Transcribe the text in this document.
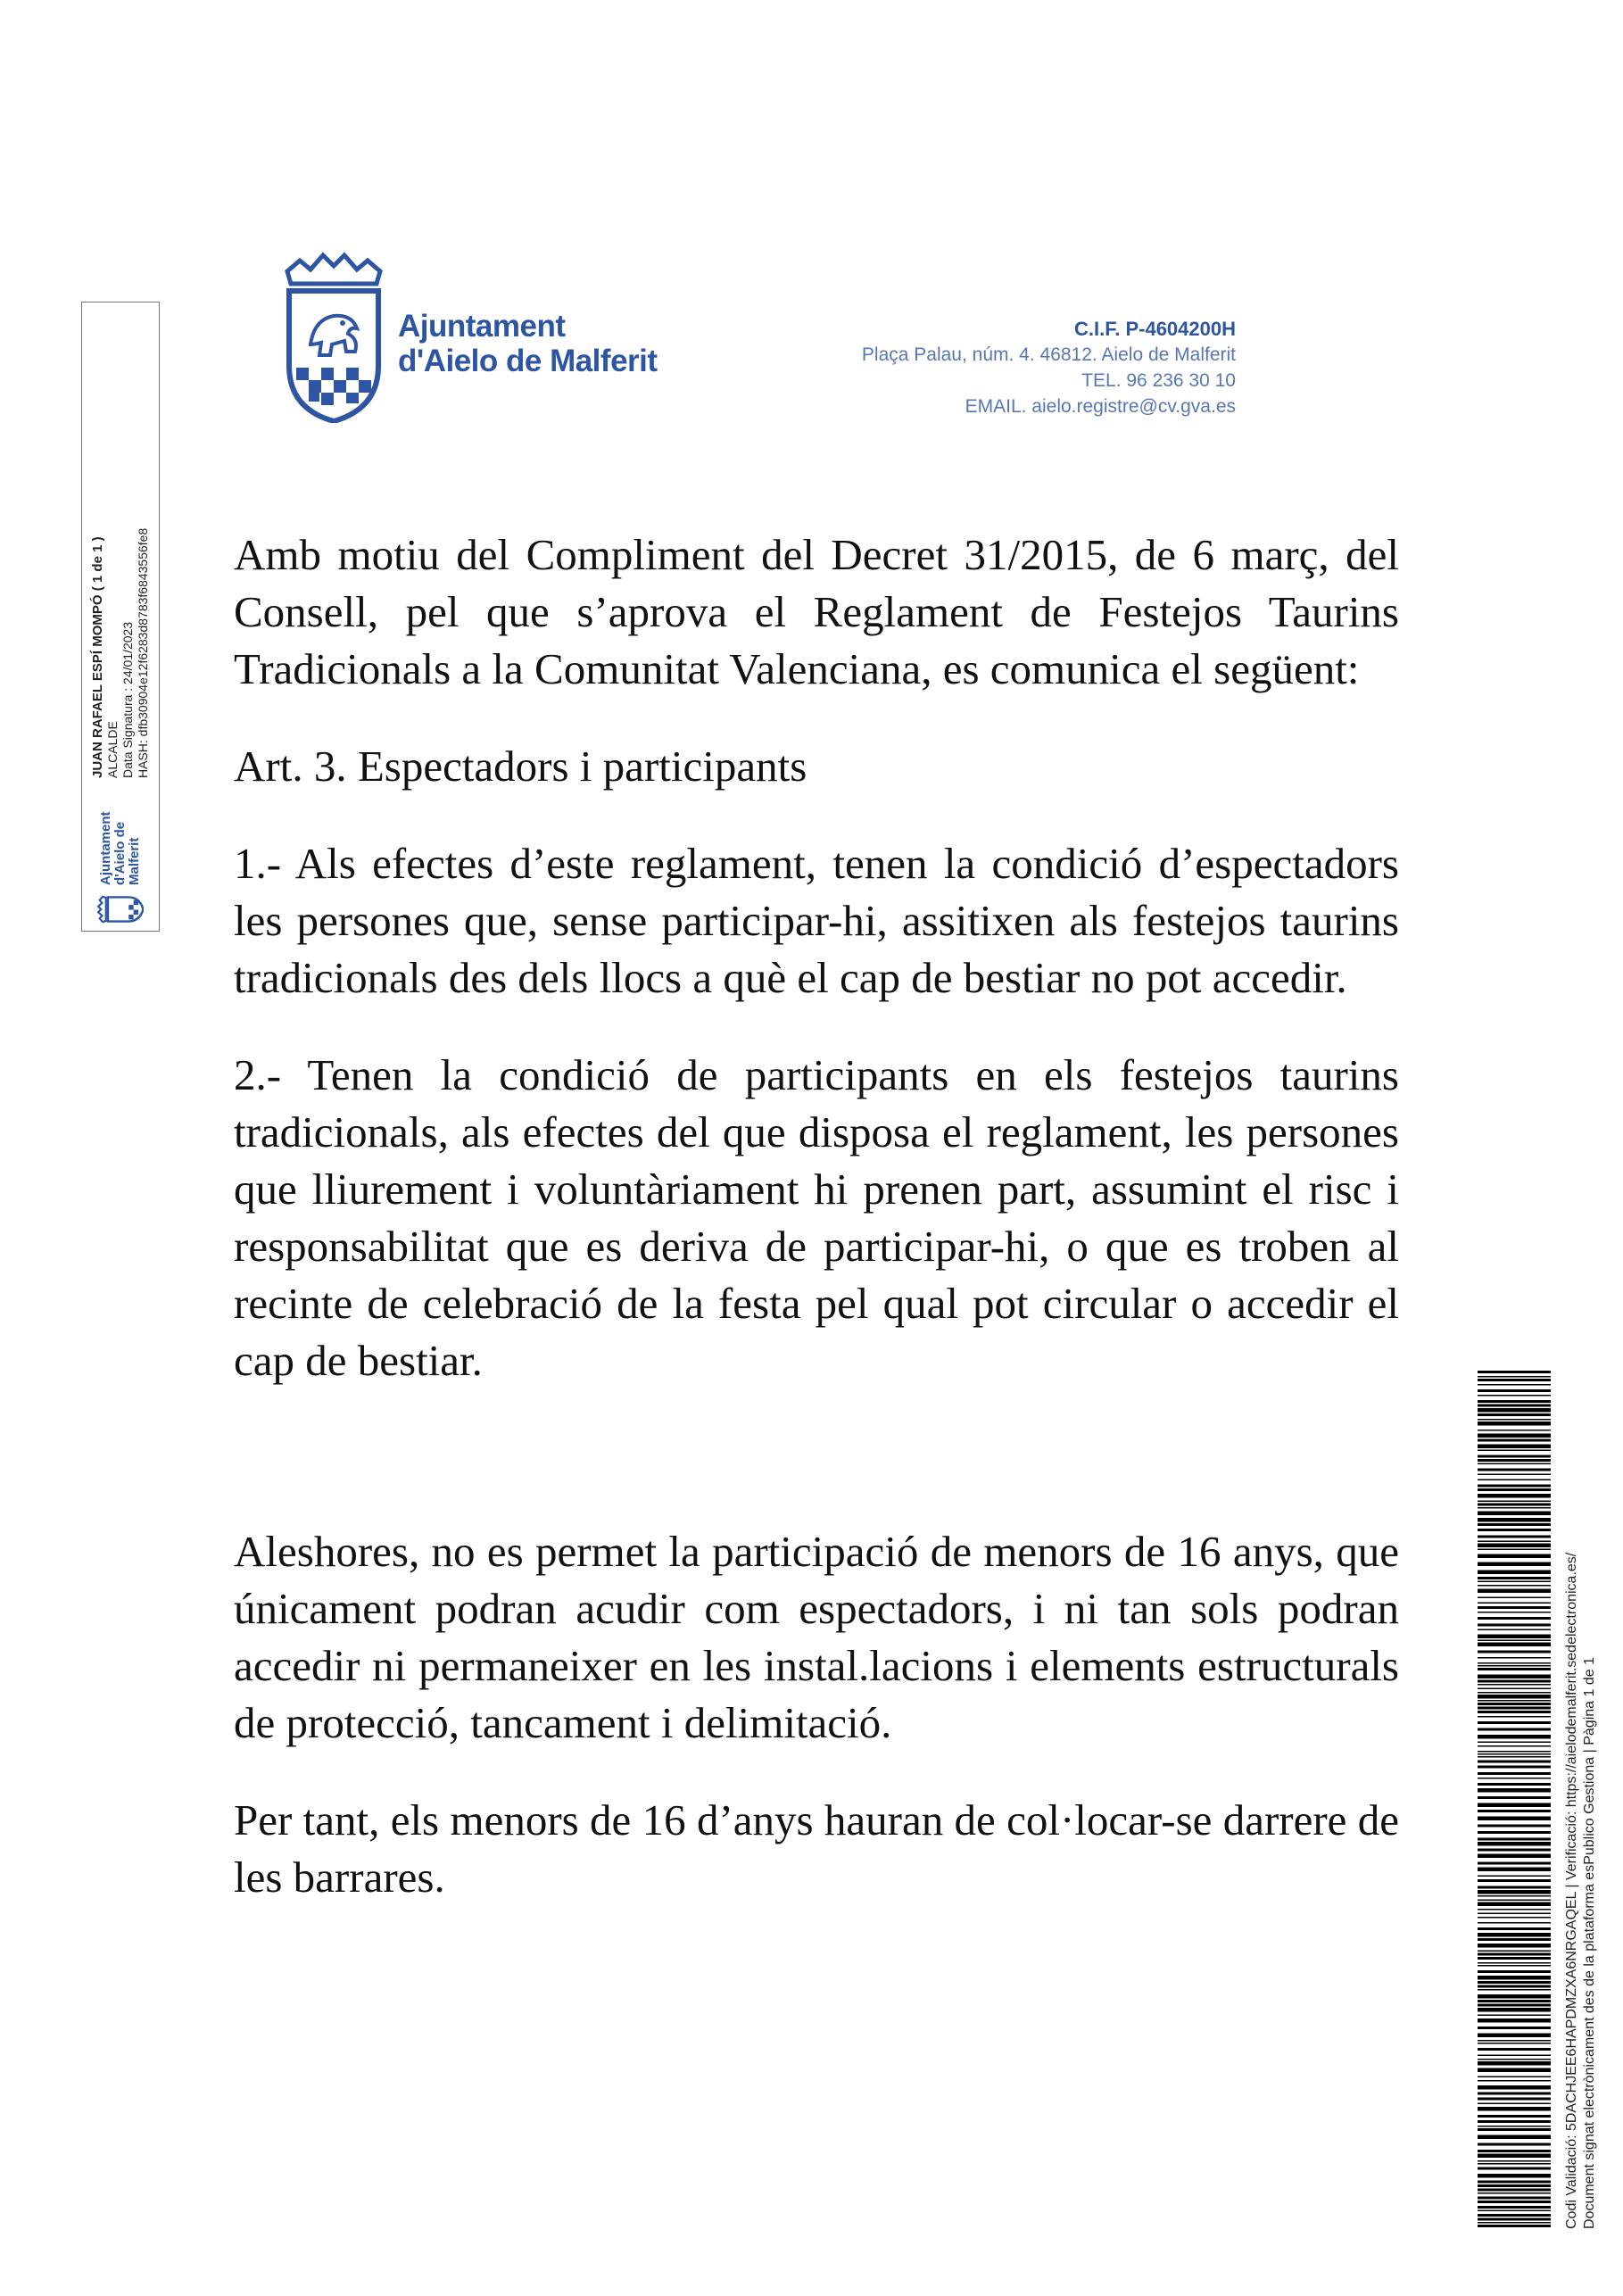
Ajuntament
d'Aielo de Malferit
C.I.F. P-4604200H
Plaça Palau, núm. 4. 46812. Aielo de Malferit
TEL. 96 236 30 10
EMAIL. aielo.registre@cv.gva.es
Ajuntament d'Aielo de Malferit
JUAN RAFAEL ESPÍ MOMPÓ ( 1 de 1 ) ALCALDE Data Signatura : 24/01/2023 HASH: dfb30904e12f6283d8783f6843556fe8 Amb motiu del Compliment del Decret 31/2015, de 6 març, del Consell, pel que s’aprova el Reglament de Festejos Taurins Tradicionals a la Comunitat Valenciana, es comunica el següent:

Art. 3. Espectadors i participants

1.- Als efectes d’este reglament, tenen la condició d’espectadors les persones que, sense participar-hi, assitixen als festejos taurins tradicionals des dels llocs a què el cap de bestiar no pot accedir.

2.- Tenen la condició de participants en els festejos taurins tradicionals, als efectes del que disposa el reglament, les persones que lliurement i voluntàriament hi prenen part, assumint el risc i responsabilitat que es deriva de participar-hi, o que es troben al recinte de celebració de la festa pel qual pot circular o accedir el cap de bestiar.

Aleshores, no es permet la participació de menors de 16 anys, que únicament podran acudir com espectadors, i ni tan sols podran accedir ni permaneixer en les instal.lacions i elements estructurals de protecció, tancament i delimitació.

Per tant, els menors de 16 d’anys hauran de col·locar-se darrere de les barrares.	Codi Validació: 5DACHJEE6HAPDMZXA6NRGAQEL | Verificació: https://aielodemalferit.sedelectronica.es/ Document signat electrònicament des de la plataforma esPublico Gestiona | Pàgina 1 de 1
